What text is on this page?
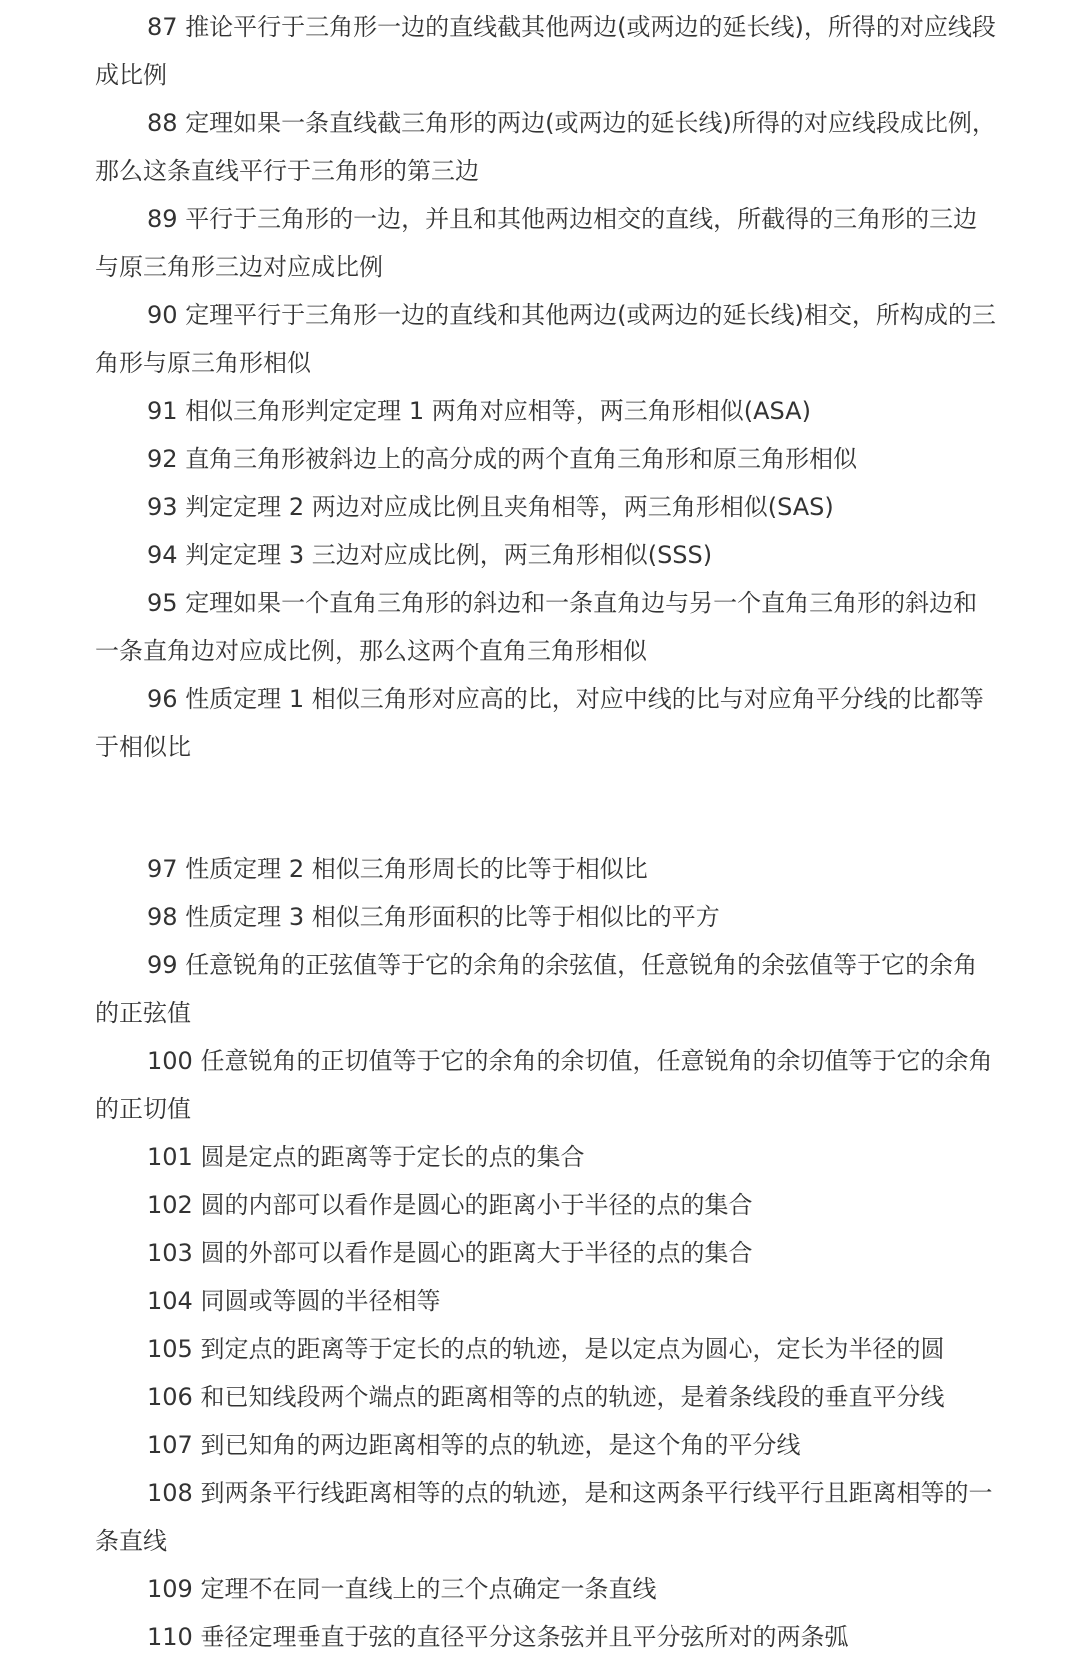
87 推论平行于三角形一边的直线截其他两边(或两边的延长线)，所得的对应线段成比例

88 定理如果一条直线截三角形的两边(或两边的延长线)所得的对应线段成比例，那么这条直线平行于三角形的第三边

89 平行于三角形的一边，并且和其他两边相交的直线，所截得的三角形的三边与原三角形三边对应成比例

90 定理平行于三角形一边的直线和其他两边(或两边的延长线)相交，所构成的三角形与原三角形相似

91 相似三角形判定定理 1 两角对应相等，两三角形相似(ASA)

92 直角三角形被斜边上的高分成的两个直角三角形和原三角形相似

93 判定定理 2 两边对应成比例且夹角相等，两三角形相似(SAS)

94 判定定理 3 三边对应成比例，两三角形相似(SSS)

95 定理如果一个直角三角形的斜边和一条直角边与另一个直角三角形的斜边和一条直角边对应成比例，那么这两个直角三角形相似

96 性质定理 1 相似三角形对应高的比，对应中线的比与对应角平分线的比都等于相似比

97 性质定理 2 相似三角形周长的比等于相似比

98 性质定理 3 相似三角形面积的比等于相似比的平方

99 任意锐角的正弦值等于它的余角的余弦值，任意锐角的余弦值等于它的余角的正弦值

100 任意锐角的正切值等于它的余角的余切值，任意锐角的余切值等于它的余角的正切值

101 圆是定点的距离等于定长的点的集合

102 圆的内部可以看作是圆心的距离小于半径的点的集合

103 圆的外部可以看作是圆心的距离大于半径的点的集合

104 同圆或等圆的半径相等

105 到定点的距离等于定长的点的轨迹，是以定点为圆心，定长为半径的圆

106 和已知线段两个端点的距离相等的点的轨迹，是着条线段的垂直平分线

107 到已知角的两边距离相等的点的轨迹，是这个角的平分线

108 到两条平行线距离相等的点的轨迹，是和这两条平行线平行且距离相等的一条直线

109 定理不在同一直线上的三个点确定一条直线

110 垂径定理垂直于弦的直径平分这条弦并且平分弦所对的两条弧
